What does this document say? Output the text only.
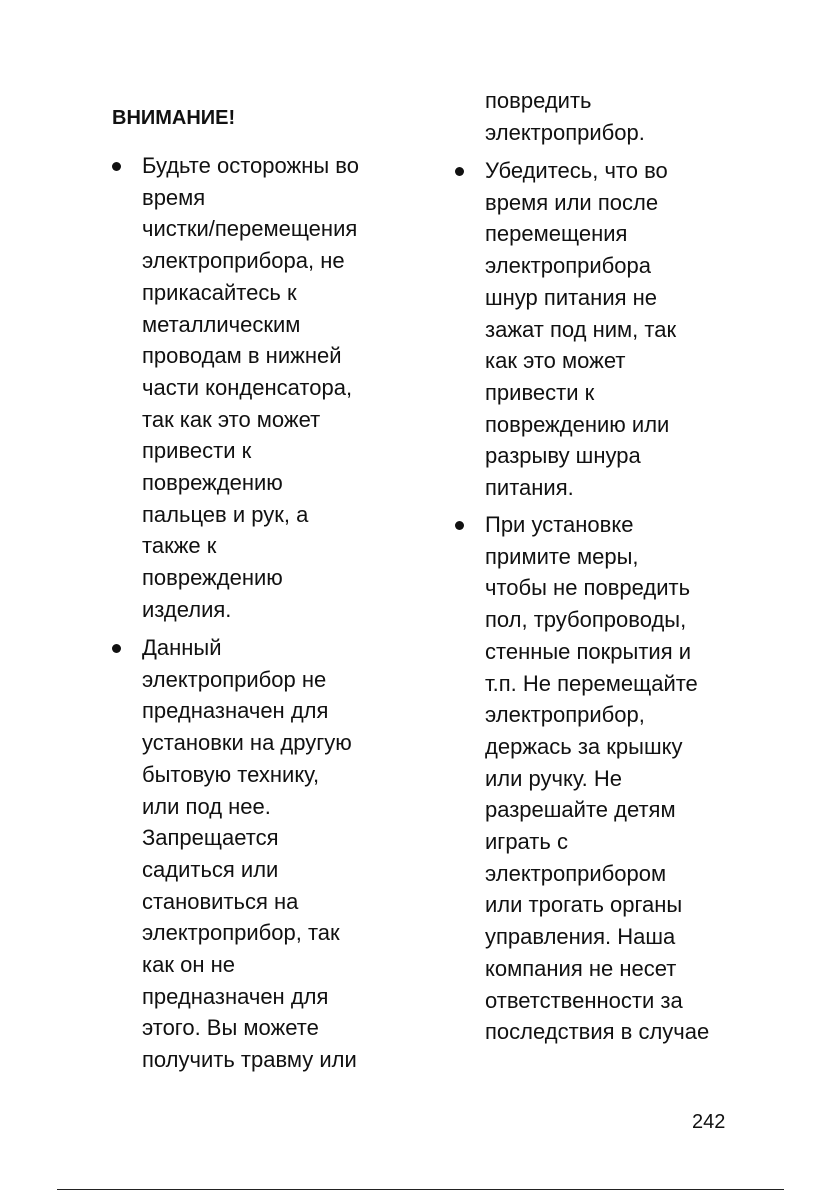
ВНИМАНИЕ!
Будьте осторожны во
время
чистки/перемещения
электроприбора, не
прикасайтесь к
металлическим
проводам в нижней
части конденсатора,
так как это может
привести к
повреждению
пальцев и рук, а
также к
повреждению
изделия.
Данный
электроприбор не
предназначен для
установки на другую
бытовую технику,
или под нее.
Запрещается
садиться или
становиться на
электроприбор, так
как он не
предназначен для
этого. Вы можете
получить травму или
повредить
электроприбор.
Убедитесь, что во
время или после
перемещения
электроприбора
шнур питания не
зажат под ним, так
как это может
привести к
повреждению или
разрыву шнура
питания.
При установке
примите меры,
чтобы не повредить
пол, трубопроводы,
стенные покрытия и
т.п. Не перемещайте
электроприбор,
держась за крышку
или ручку. Не
разрешайте детям
играть с
электроприбором
или трогать органы
управления. Наша
компания не несет
ответственности за
последствия в случае
242
